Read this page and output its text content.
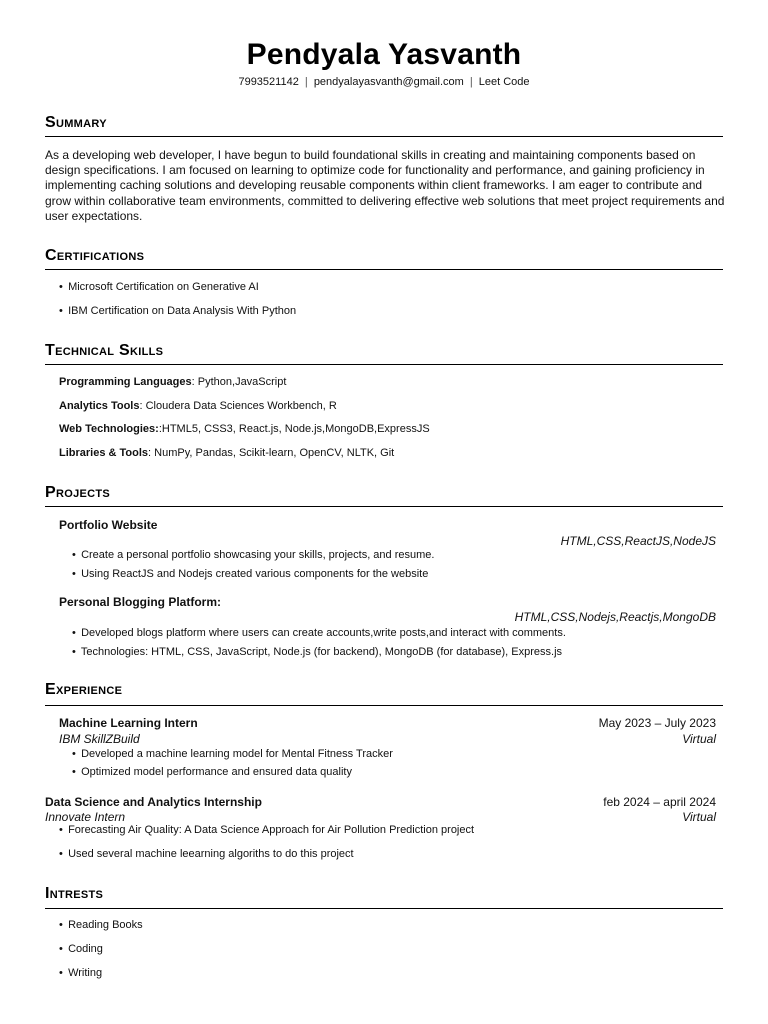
Pendyala Yasvanth
7993521142 | pendyalayasvanth@gmail.com | Leet Code
Summary
As a developing web developer, I have begun to build foundational skills in creating and maintaining components based on design specifications. I am focused on learning to optimize code for functionality and performance, and gaining proficiency in implementing caching solutions and developing reusable components within client frameworks. I am eager to contribute and grow within collaborative team environments, committed to delivering effective web solutions that meet project requirements and user expectations.
Certifications
• Microsoft Certification on Generative AI
• IBM Certification on Data Analysis With Python
Technical Skills
Programming Languages: Python,JavaScript
Analytics Tools: Cloudera Data Sciences Workbench, R
Web Technologies::HTML5, CSS3, React.js, Node.js,MongoDB,ExpressJS
Libraries & Tools: NumPy, Pandas, Scikit-learn, OpenCV, NLTK, Git
Projects
Portfolio Website
HTML,CSS,ReactJS,NodeJS
• Create a personal portfolio showcasing your skills, projects, and resume.
• Using ReactJS and Nodejs created various components for the website
Personal Blogging Platform:
HTML,CSS,Nodejs,Reactjs,MongoDB
• Developed blogs platform where users can create accounts,write posts,and interact with comments.
• Technologies: HTML, CSS, JavaScript, Node.js (for backend), MongoDB (for database), Express.js
Experience
Machine Learning Intern	May 2023 – July 2023
IBM SkillZBuild	Virtual
• Developed a machine learning model for Mental Fitness Tracker
• Optimized model performance and ensured data quality
Data Science and Analytics Internship	feb 2024 – april 2024
Innovate Intern	Virtual
• Forecasting Air Quality: A Data Science Approach for Air Pollution Prediction project
• Used several machine leearning algoriths to do this project
Intrests
• Reading Books
• Coding
• Writing
